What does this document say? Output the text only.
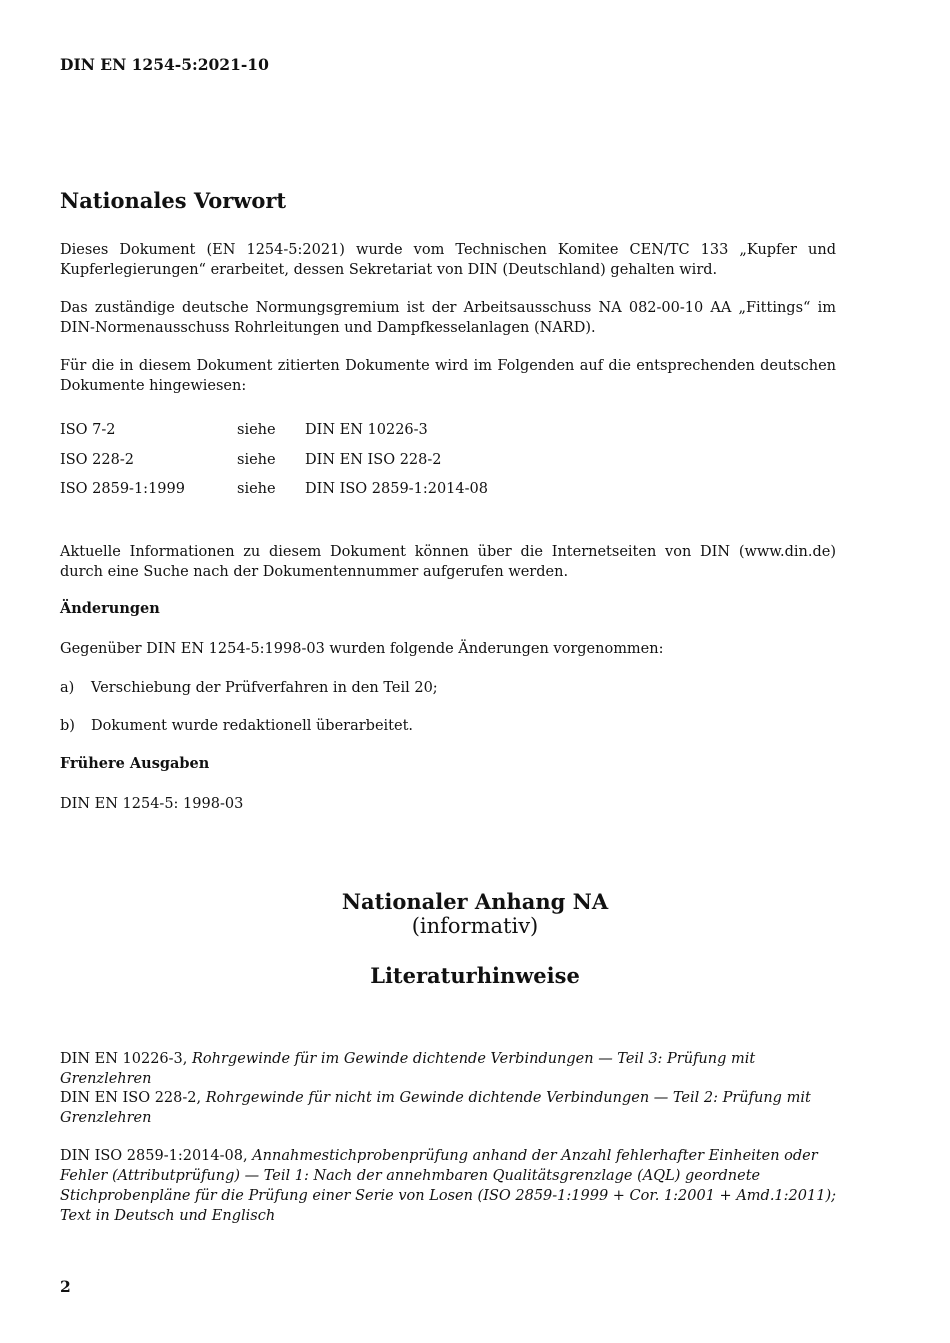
DIN EN 1254-5:2021-10
Nationales Vorwort

Dieses Dokument (EN 1254-5:2021) wurde vom Technischen Komitee CEN/TC 133 „Kupfer und Kupferlegierungen“ erarbeitet, dessen Sekretariat von DIN (Deutschland) gehalten wird.

Das zuständige deutsche Normungsgremium ist der Arbeitsausschuss NA 082-00-10 AA „Fittings“ im DIN-Normenausschuss Rohrleitungen und Dampfkesselanlagen (NARD).

Für die in diesem Dokument zitierten Dokumente wird im Folgenden auf die entsprechenden deutschen Dokumente hingewiesen:

ISO 7-2	siehe DIN EN 10226-3
ISO 228-2	siehe DIN EN ISO 228-2
ISO 2859-1:1999	siehe DIN ISO 2859-1:2014-08

Aktuelle Informationen zu diesem Dokument können über die Internetseiten von DIN (www.din.de) durch eine Suche nach der Dokumentennummer aufgerufen werden.

Änderungen

Gegenüber DIN EN 1254-5:1998-03 wurden folgende Änderungen vorgenommen:

a) Verschiebung der Prüfverfahren in den Teil 20;
b) Dokument wurde redaktionell überarbeitet.
Frühere Ausgaben

DIN EN 1254-5: 1998-03

Nationaler Anhang NA
(informativ)
Literaturhinweise

DIN EN 10226-3, Rohrgewinde für im Gewinde dichtende Verbindungen — Teil 3: Prüfung mit Grenzlehren

DIN EN ISO 228-2, Rohrgewinde für nicht im Gewinde dichtende Verbindungen — Teil 2: Prüfung mit Grenzlehren

DIN ISO 2859-1:2014-08, Annahmestichprobenprüfung anhand der Anzahl fehlerhafter Einheiten oder Fehler (Attributprüfung) — Teil 1: Nach der annehmbaren Qualitätsgrenzlage (AQL) geordnete Stichprobenpläne für die Prüfung einer Serie von Losen (ISO 2859-1:1999 + Cor. 1:2001 + Amd.1:2011); Text in Deutsch und Englisch

2
